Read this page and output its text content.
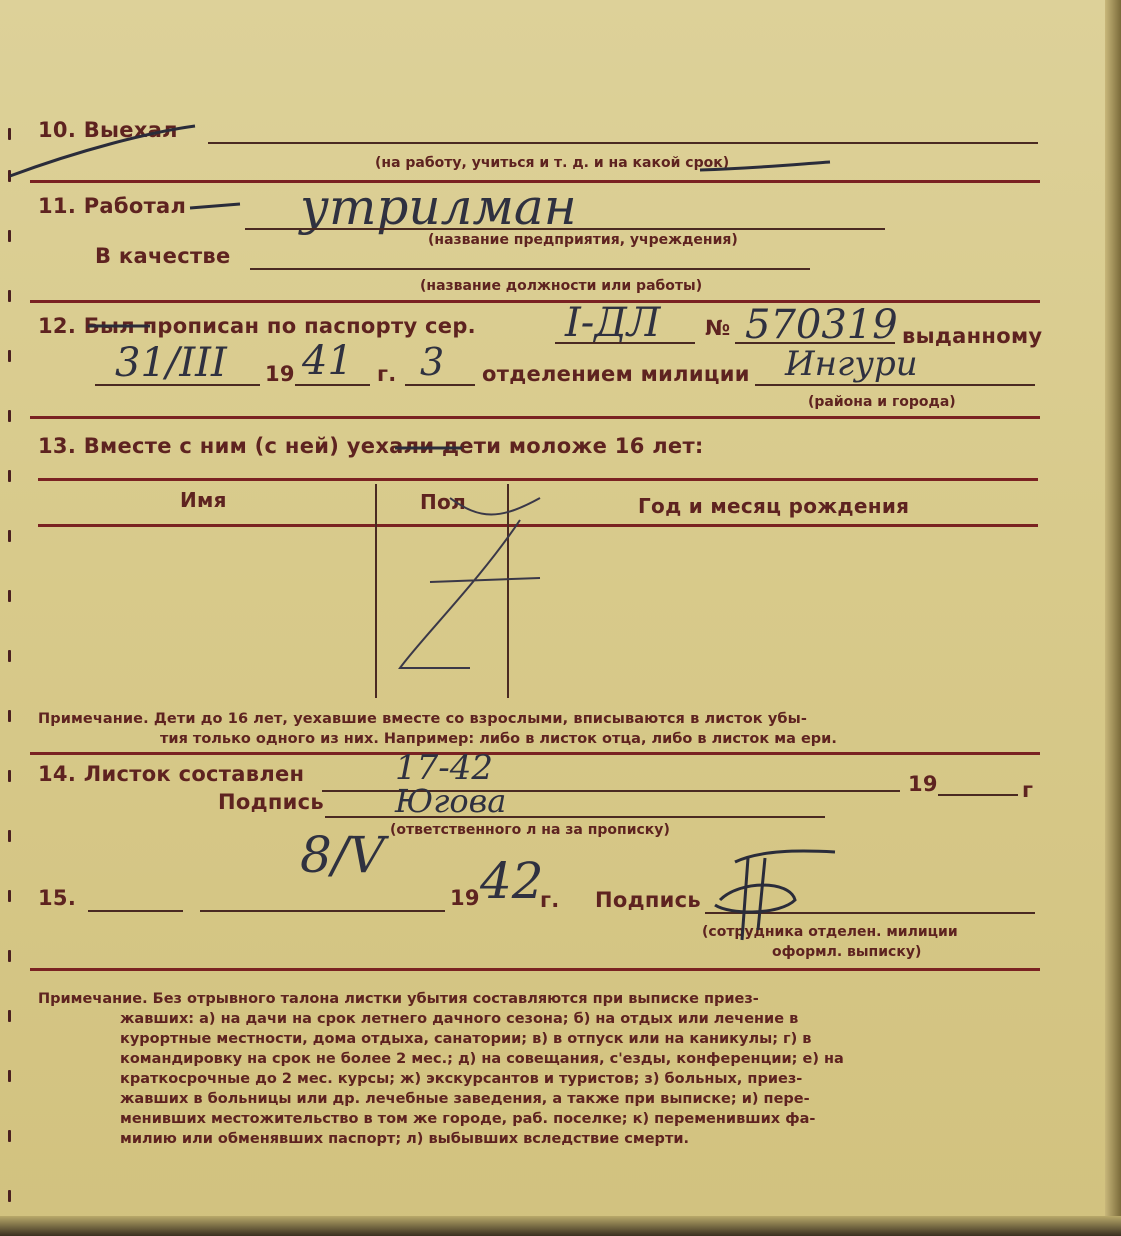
10. Выехал
(на работу, учиться и т. д. и на какой срок)
11. Работал утрилман
(название предприятия, учреждения)
В качестве
(название должности или работы)
12. Был прописан по паспорту сер. I-ДЛ № 570319 выданному
31/III 19 41 г. 3 отделением милиции Ингури
(района и города)
13. Вместе с ним (с ней) уехали дети моложе 16 лет:
Имя	Пол	Год и месяц рождения
Примечание. Дети до 16 лет, уехавшие вместе со взрослыми, вписываются в листок убы-
тия только одного из них. Например: либо в листок отца, либо в листок ма ери.
14. Листок составлен	17-42	19	г
Подпись Югова
(ответственного л на за прописку)
15.
8/V
19 42
г. Подпись
(сотрудника отделен. милиции
оформл. выписку)
Примечание. Без отрывного талона листки убытия составляются при выписке приез-
жавших: а) на дачи на срок летнего дачного сезона; б) на отдых или лечение в
курортные местности, дома отдыха, санатории; в) в отпуск или на каникулы; г) в
командировку на срок не более 2 мес.; д) на совещания, с'езды, конференции; е) на
краткосрочные до 2 мес. курсы; ж) экскурсантов и туристов; з) больных, приез-
жавших в больницы или др. лечебные заведения, а также при выписке; и) пере-
менивших местожительство в том же городе, раб. поселке; к) переменивших фа-
милию или обменявших паспорт; л) выбывших вследствие смерти.
